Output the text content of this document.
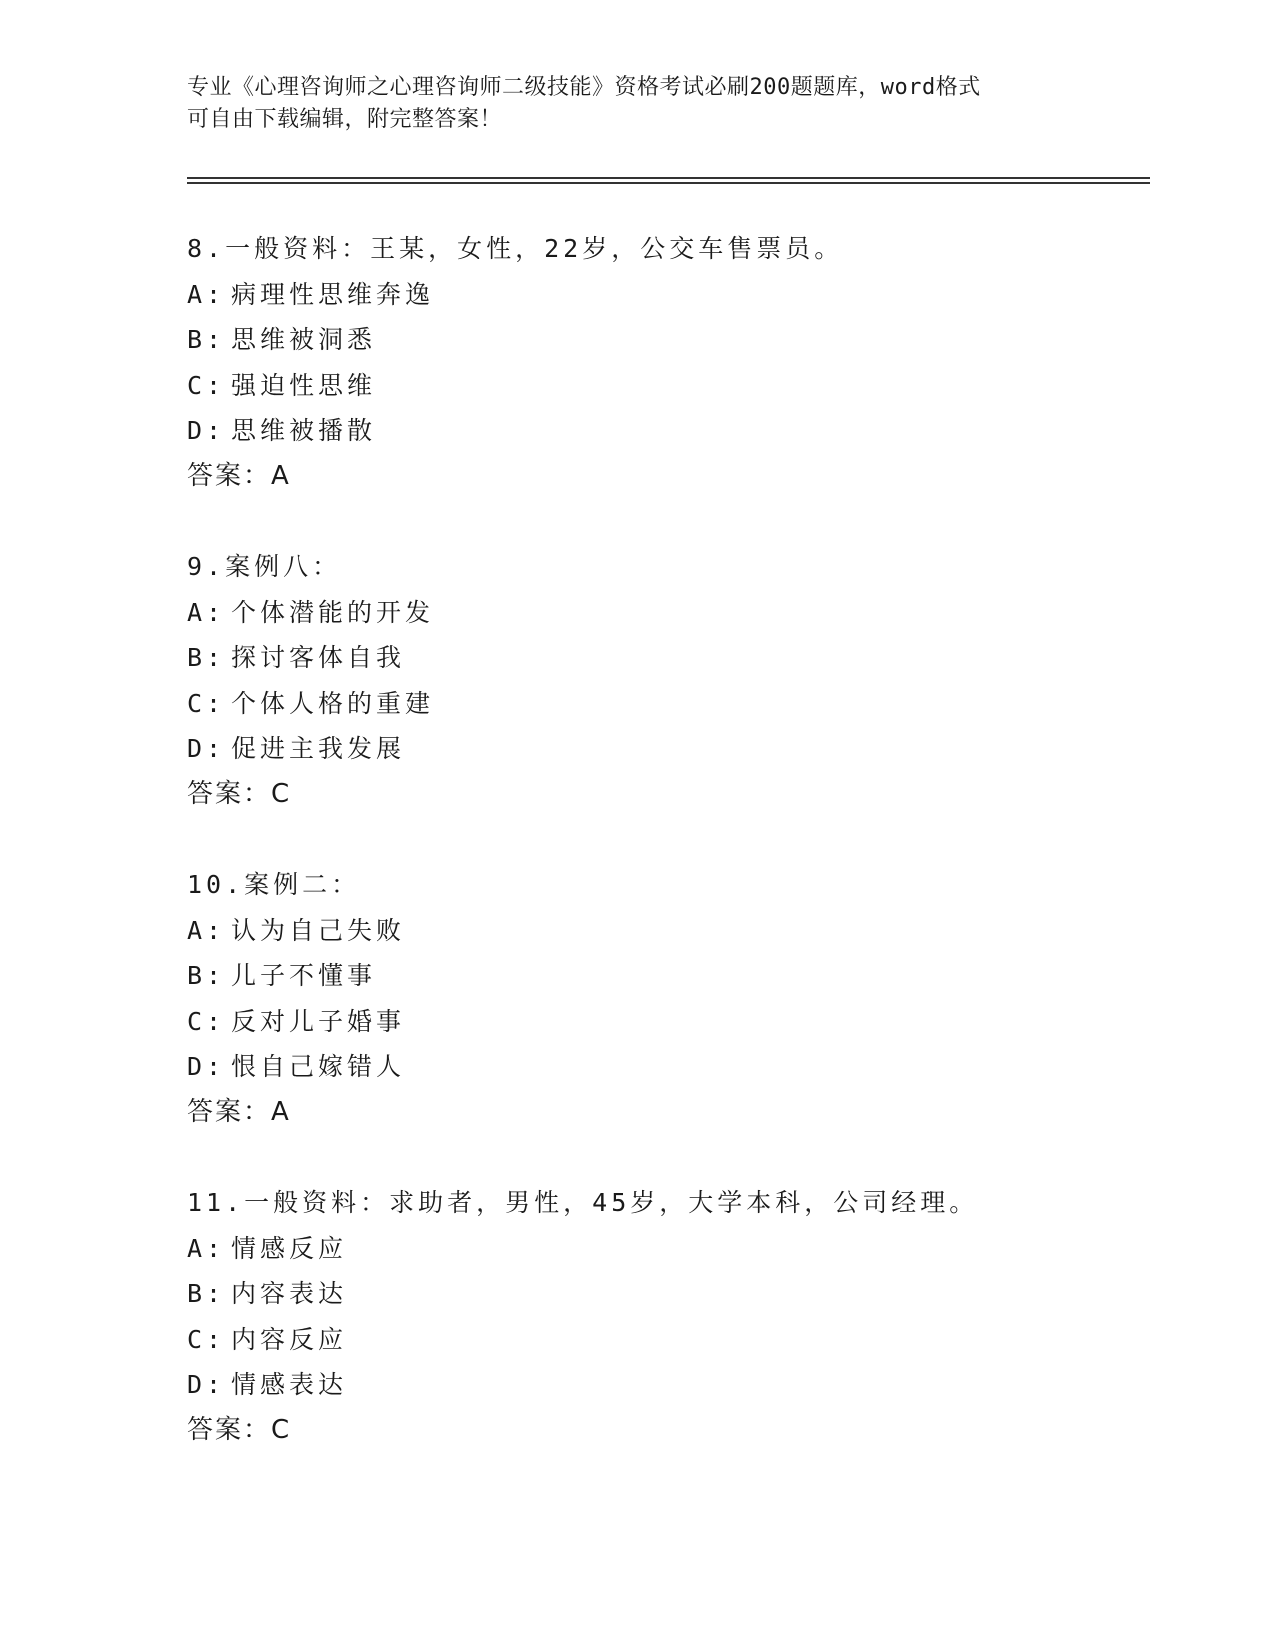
专业《心理咨询师之心理咨询师二级技能》资格考试必刷200题题库，word格式
可自由下载编辑，附完整答案！
8.一般资料：王某，女性，22岁，公交车售票员。
A: 病理性思维奔逸
B: 思维被洞悉
C: 强迫性思维
D: 思维被播散
答案：A
9.案例八：
A: 个体潜能的开发
B: 探讨客体自我
C: 个体人格的重建
D: 促进主我发展
答案：C
10.案例二：
A: 认为自己失败
B: 儿子不懂事
C: 反对儿子婚事
D: 恨自己嫁错人
答案：A
11.一般资料：求助者，男性，45岁，大学本科，公司经理。
A: 情感反应
B: 内容表达
C: 内容反应
D: 情感表达
答案：C
